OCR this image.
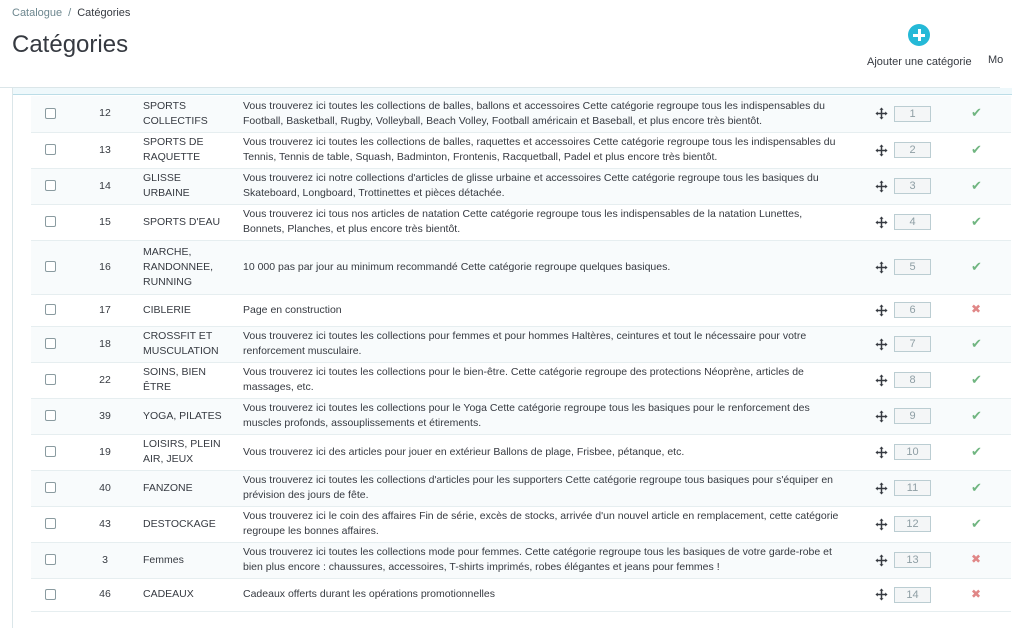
Catalogue / Catégories
Catégories
Ajouter une catégorie Mo
	12	SPORTS COLLECTIFS	Vous trouverez ici toutes les collections de balles, ballons et accessoires Cette catégorie regroupe tous les indispensables du Football, Basketball, Rugby, Volleyball, Beach Volley, Football américain et Baseball, et plus encore très bientôt.	1	✔
	13	SPORTS DE RAQUETTE	Vous trouverez ici toutes les collections de balles, raquettes et accessoires Cette catégorie regroupe tous les indispensables du Tennis, Tennis de table, Squash, Badminton, Frontenis, Racquetball, Padel et plus encore très bientôt.	2	✔
	14	GLISSE URBAINE	Vous trouverez ici notre collections d'articles de glisse urbaine et accessoires Cette catégorie regroupe tous les basiques du Skateboard, Longboard, Trottinettes et pièces détachée.	3	✔
	15	SPORTS D'EAU	Vous trouverez ici tous nos articles de natation Cette catégorie regroupe tous les indispensables de la natation Lunettes, Bonnets, Planches, et plus encore très bientôt.	4	✔
	16	MARCHE, RANDONNEE, RUNNING	10 000 pas par jour au minimum recommandé Cette catégorie regroupe quelques basiques.	5	✔
	17	CIBLERIE	Page en construction	6	✖
	18	CROSSFIT ET MUSCULATION	Vous trouverez ici toutes les collections pour femmes et pour hommes Haltères, ceintures et tout le nécessaire pour votre renforcement musculaire.	7	✔
	22	SOINS, BIEN ÊTRE	Vous trouverez ici toutes les collections pour le bien-être. Cette catégorie regroupe des protections Néoprène, articles de massages, etc.	8	✔
	39	YOGA, PILATES	Vous trouverez ici toutes les collections pour le Yoga Cette catégorie regroupe tous les basiques pour le renforcement des muscles profonds, assouplissements et étirements.	9	✔
	19	LOISIRS, PLEIN AIR, JEUX	Vous trouverez ici des articles pour jouer en extérieur Ballons de plage, Frisbee, pétanque, etc.	10	✔
	40	FANZONE	Vous trouverez ici toutes les collections d'articles pour les supporters Cette catégorie regroupe tous basiques pour s'équiper en prévision des jours de fête.	11	✔
	43	DESTOCKAGE	Vous trouverez ici le coin des affaires Fin de série, excès de stocks, arrivée d'un nouvel article en remplacement, cette catégorie regroupe les bonnes affaires.	12	✔
	3	Femmes	Vous trouverez ici toutes les collections mode pour femmes. Cette catégorie regroupe tous les basiques de votre garde-robe et bien plus encore : chaussures, accessoires, T-shirts imprimés, robes élégantes et jeans pour femmes !	13	✖
	46	CADEAUX	Cadeaux offerts durant les opérations promotionnelles	14	✖
